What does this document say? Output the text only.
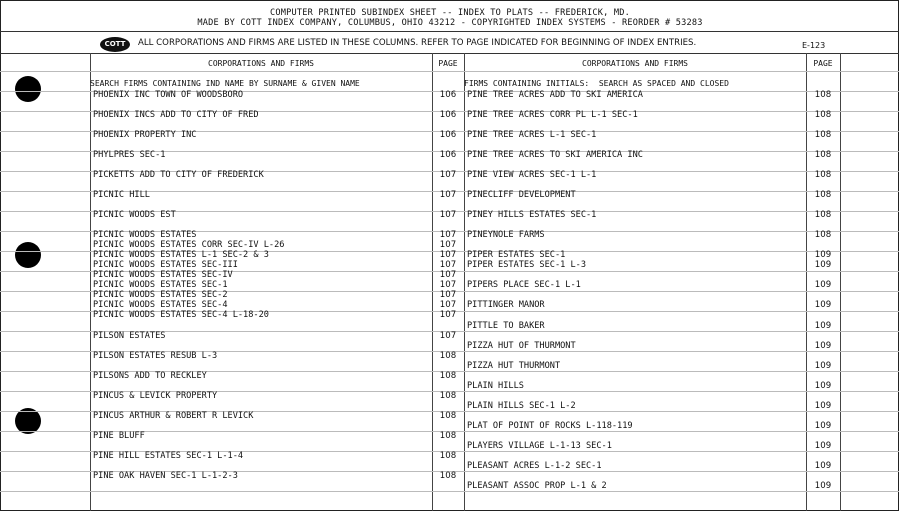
COMPUTER PRINTED SUBINDEX SHEET -- INDEX TO PLATS -- FREDERICK, MD.
MADE BY COTT INDEX COMPANY, COLUMBUS, OHIO 43212 - COPYRIGHTED INDEX SYSTEMS - REORDER # 53283
COTT	ALL CORPORATIONS AND FIRMS ARE LISTED IN THESE COLUMNS. REFER TO PAGE INDICATED FOR BEGINNING OF INDEX ENTRIES.	E-123
CORPORATIONS AND FIRMS	PAGE	CORPORATIONS AND FIRMS	PAGE
SEARCH FIRMS CONTAINING IND NAME BY SURNAME & GIVEN NAME	FIRMS CONTAINING INITIALS:  SEARCH AS SPACED AND CLOSED
PHOENIX INC TOWN OF WOODSBORO	106
PHOENIX INCS ADD TO CITY OF FRED	106
PHOENIX PROPERTY INC	106
PHYLPRES SEC-1	106
PICKETTS ADD TO CITY OF FREDERICK	107
PICNIC HILL	107
PICNIC WOODS EST	107
PICNIC WOODS ESTATES	107
PICNIC WOODS ESTATES CORR SEC-IV L-26	107
PICNIC WOODS ESTATES L-1 SEC-2 & 3	107
PICNIC WOODS ESTATES SEC-III	107
PICNIC WOODS ESTATES SEC-IV	107
PICNIC WOODS ESTATES SEC-1	107
PICNIC WOODS ESTATES SEC-2	107
PICNIC WOODS ESTATES SEC-4	107
PICNIC WOODS ESTATES SEC-4 L-18-20	107
PILSON ESTATES	107
PILSON ESTATES RESUB L-3	108
PILSONS ADD TO RECKLEY	108
PINCUS & LEVICK PROPERTY	108
PINCUS ARTHUR & ROBERT R LEVICK	108
PINE BLUFF	108
PINE HILL ESTATES SEC-1 L-1-4	108
PINE OAK HAVEN SEC-1 L-1-2-3	108
PINE TREE ACRES ADD TO SKI AMERICA	108
PINE TREE ACRES CORR PL L-1 SEC-1	108
PINE TREE ACRES L-1 SEC-1	108
PINE TREE ACRES TO SKI AMERICA INC	108
PINE VIEW ACRES SEC-1 L-1	108
PINECLIFF DEVELOPMENT	108
PINEY HILLS ESTATES SEC-1	108
PINEYNOLE FARMS	108
PIPER ESTATES SEC-1	109
PIPER ESTATES SEC-1 L-3	109
PIPERS PLACE SEC-1 L-1	109
PITTINGER MANOR	109
PITTLE TO BAKER	109
PIZZA HUT OF THURMONT	109
PIZZA HUT THURMONT	109
PLAIN HILLS	109
PLAIN HILLS SEC-1 L-2	109
PLAT OF POINT OF ROCKS L-118-119	109
PLAYERS VILLAGE L-1-13 SEC-1	109
PLEASANT ACRES L-1-2 SEC-1	109
PLEASANT ASSOC PROP L-1 & 2	109
